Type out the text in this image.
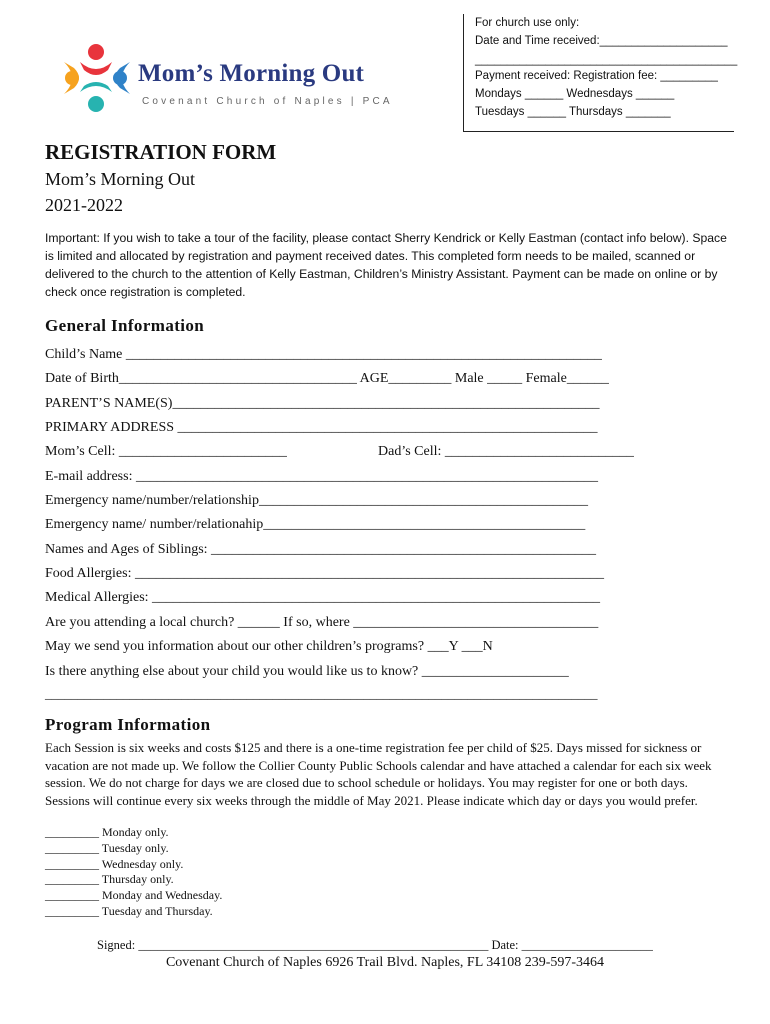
For church use only:
Date and Time received:____________________
_________________________________________
Payment received: Registration fee: _________
Mondays ______ Wednesdays ______
Tuesdays ______ Thursdays _______
Mom’s Morning Out
Covenant Church of Naples | PCA
REGISTRATION FORM
Mom’s Morning Out
2021-2022
Important: If you wish to take a tour of the facility, please contact Sherry Kendrick or Kelly Eastman (contact info below). Space is limited and allocated by registration and payment received dates. This completed form needs to be mailed, scanned or delivered to the church to the attention of Kelly Eastman, Children’s Ministry Assistant. Payment can be made on online or by check once registration is completed.
General Information
Child’s Name ____________________________________________________________________
Date of Birth__________________________________ AGE_________ Male _____ Female______
PARENT’S NAME(S)_____________________________________________________________
PRIMARY ADDRESS ____________________________________________________________
Mom’s Cell: ________________________	Dad’s Cell: ___________________________
E-mail address: __________________________________________________________________
Emergency name/number/relationship_______________________________________________
Emergency name/ number/relationahip______________________________________________
Names and Ages of Siblings: _______________________________________________________
Food Allergies: ___________________________________________________________________
Medical Allergies: ________________________________________________________________
Are you attending a local church? ______ If so, where ___________________________________
May we send you information about our other children’s programs? ___Y ___N
Is there anything else about your child you would like us to know? _____________________
_____________________________________________________________________________________
Program Information
Each Session is six weeks and costs $125 and there is a one-time registration fee per child of $25. Days missed for sickness or vacation are not made up. We follow the Collier County Public Schools calendar and have attached a calendar for each six week session. We do not charge for days we are closed due to school schedule or holidays. You may register for one or both days. Sessions will continue every six weeks through the middle of May 2021. Please indicate which day or days you would prefer.
_________ Monday only.
_________ Tuesday only.
_________ Wednesday only.
_________ Thursday only.
_________ Monday and Wednesday.
_________ Tuesday and Thursday.
Signed: ________________________________________________________ Date: _____________________
Covenant Church of Naples 6926 Trail Blvd. Naples, FL 34108 239-597-3464
